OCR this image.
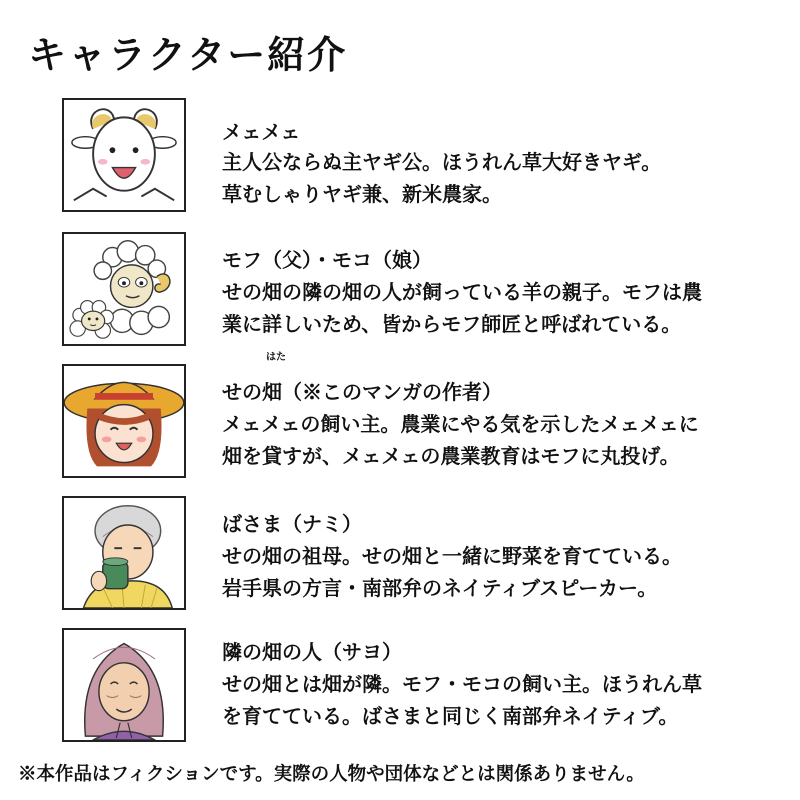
キャラクター紹介
メェメェ
主人公ならぬ主ヤギ公。ほうれん草大好きヤギ。
草むしゃりヤギ兼、新米農家。
モフ（父）・モコ（娘）
せの畑の隣の畑の人が飼っている羊の親子。モフは農
業に詳しいため、皆からモフ師匠と呼ばれている。
せの畑（※このマンガの作者）
メェメェの飼い主。農業にやる気を示したメェメェに
畑を貸すが、メェメェの農業教育はモフに丸投げ。
はた
ばさま（ナミ）
せの畑の祖母。せの畑と一緒に野菜を育てている。
岩手県の方言・南部弁のネイティブスピーカー。
隣の畑の人（サヨ）
せの畑とは畑が隣。モフ・モコの飼い主。ほうれん草
を育てている。ばさまと同じく南部弁ネイティブ。
※本作品はフィクションです。実際の人物や団体などとは関係ありません。
